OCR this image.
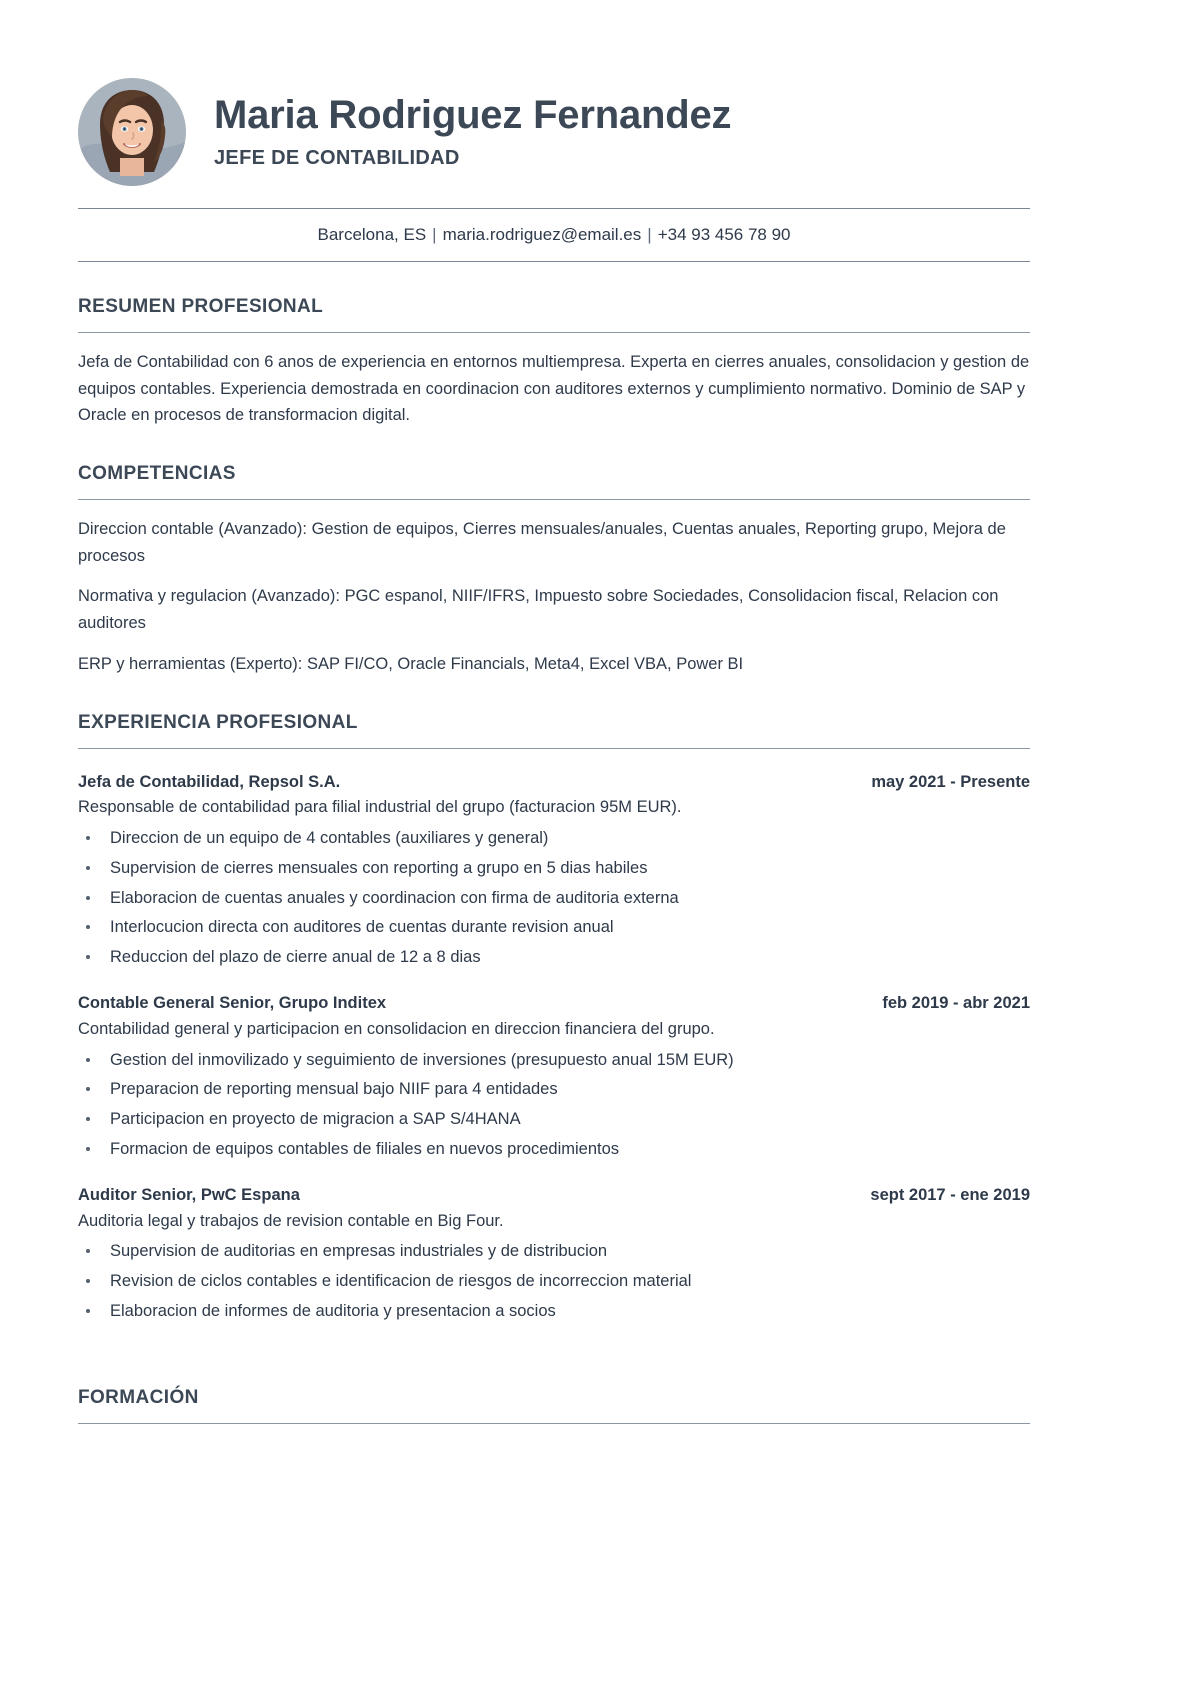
Maria Rodriguez Fernandez
JEFE DE CONTABILIDAD
Barcelona, ES | maria.rodriguez@email.es | +34 93 456 78 90
RESUMEN PROFESIONAL

Jefa de Contabilidad con 6 anos de experiencia en entornos multiempresa. Experta en cierres anuales, consolidacion y gestion de equipos contables. Experiencia demostrada en coordinacion con auditores externos y cumplimiento normativo. Dominio de SAP y Oracle en procesos de transformacion digital.

COMPETENCIAS

Direccion contable (Avanzado): Gestion de equipos, Cierres mensuales/anuales, Cuentas anuales, Reporting grupo, Mejora de procesos

Normativa y regulacion (Avanzado): PGC espanol, NIIF/IFRS, Impuesto sobre Sociedades, Consolidacion fiscal, Relacion con auditores

ERP y herramientas (Experto): SAP FI/CO, Oracle Financials, Meta4, Excel VBA, Power BI

EXPERIENCIA PROFESIONAL
Jefa de Contabilidad, Repsol S.A.	may 2021 - Presente
Responsable de contabilidad para filial industrial del grupo (facturacion 95M EUR).
Direccion de un equipo de 4 contables (auxiliares y general)
Supervision de cierres mensuales con reporting a grupo en 5 dias habiles
Elaboracion de cuentas anuales y coordinacion con firma de auditoria externa
Interlocucion directa con auditores de cuentas durante revision anual
Reduccion del plazo de cierre anual de 12 a 8 dias
Contable General Senior, Grupo Inditex	feb 2019 - abr 2021
Contabilidad general y participacion en consolidacion en direccion financiera del grupo.
Gestion del inmovilizado y seguimiento de inversiones (presupuesto anual 15M EUR)
Preparacion de reporting mensual bajo NIIF para 4 entidades
Participacion en proyecto de migracion a SAP S/4HANA
Formacion de equipos contables de filiales en nuevos procedimientos
Auditor Senior, PwC Espana	sept 2017 - ene 2019
Auditoria legal y trabajos de revision contable en Big Four.
Supervision de auditorias en empresas industriales y de distribucion
Revision de ciclos contables e identificacion de riesgos de incorreccion material
Elaboracion de informes de auditoria y presentacion a socios
FORMACIÓN
